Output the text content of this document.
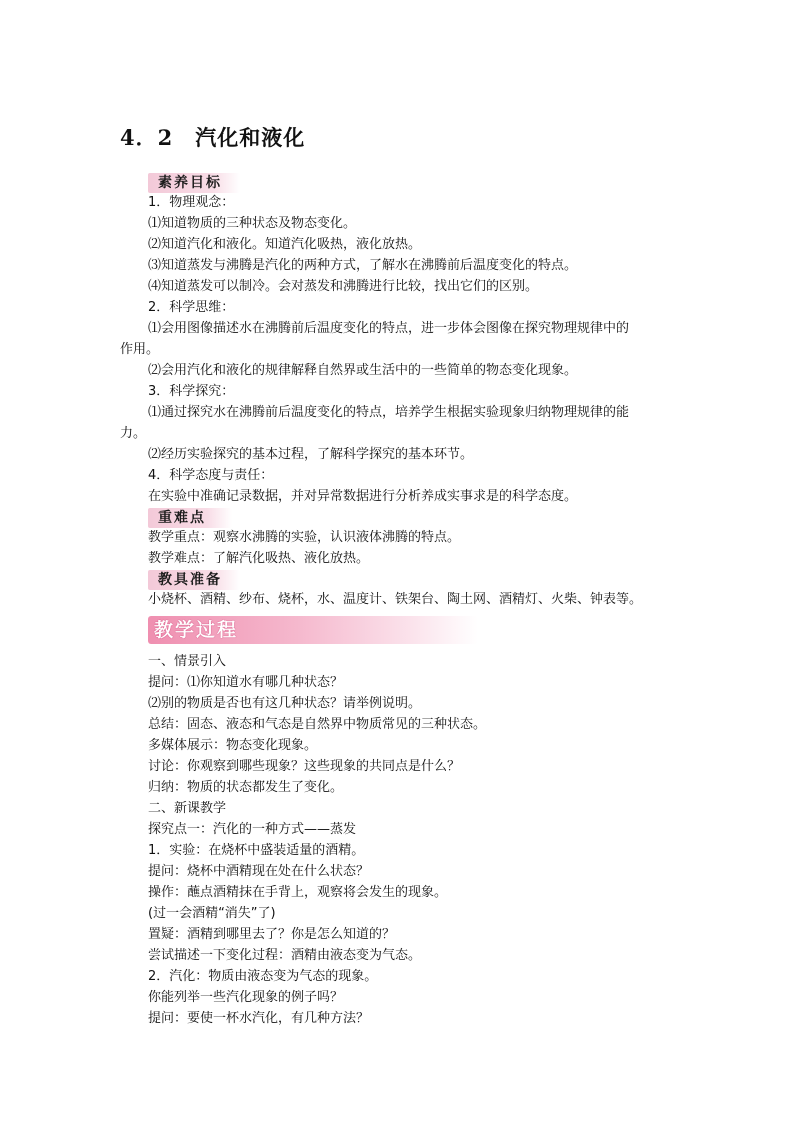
4．2　汽化和液化
素养目标
1．物理观念：
⑴知道物质的三种状态及物态变化。
⑵知道汽化和液化。知道汽化吸热，液化放热。
⑶知道蒸发与沸腾是汽化的两种方式，了解水在沸腾前后温度变化的特点。
⑷知道蒸发可以制冷。会对蒸发和沸腾进行比较，找出它们的区别。
2．科学思维：
⑴会用图像描述水在沸腾前后温度变化的特点，进一步体会图像在探究物理规律中的
作用。
⑵会用汽化和液化的规律解释自然界或生活中的一些简单的物态变化现象。
3．科学探究：
⑴通过探究水在沸腾前后温度变化的特点，培养学生根据实验现象归纳物理规律的能
力。
⑵经历实验探究的基本过程，了解科学探究的基本环节。
4．科学态度与责任：
在实验中准确记录数据，并对异常数据进行分析养成实事求是的科学态度。
重难点
教学重点：观察水沸腾的实验，认识液体沸腾的特点。
教学难点：了解汽化吸热、液化放热。
教具准备
小烧杯、酒精、纱布、烧杯，水、温度计、铁架台、陶土网、酒精灯、火柴、钟表等。
教学过程
一、情景引入
提问：⑴你知道水有哪几种状态？
⑵别的物质是否也有这几种状态？请举例说明。
总结：固态、液态和气态是自然界中物质常见的三种状态。
多媒体展示：物态变化现象。
讨论：你观察到哪些现象？这些现象的共同点是什么？
归纳：物质的状态都发生了变化。
二、新课教学
探究点一：汽化的一种方式——蒸发
1．实验：在烧杯中盛装适量的酒精。
提问：烧杯中酒精现在处在什么状态？
操作：蘸点酒精抹在手背上，观察将会发生的现象。
(过一会酒精“消失”了)
置疑：酒精到哪里去了？你是怎么知道的？
尝试描述一下变化过程：酒精由液态变为气态。
2．汽化：物质由液态变为气态的现象。
你能列举一些汽化现象的例子吗？
提问：要使一杯水汽化，有几种方法？
